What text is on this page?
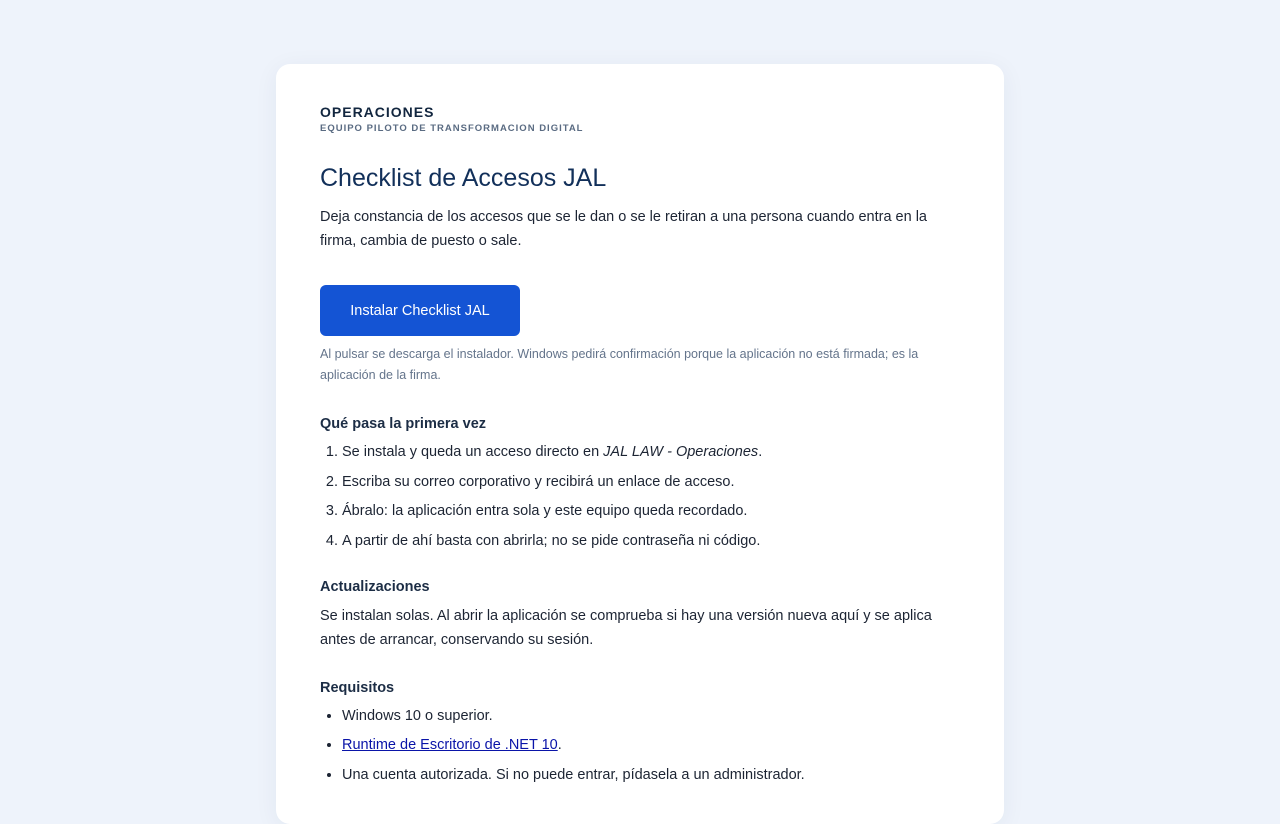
OPERACIONES

EQUIPO PILOTO DE TRANSFORMACION DIGITAL

Checklist de Accesos JAL

Deja constancia de los accesos que se le dan o se le retiran a una persona cuando entra en la firma, cambia de puesto o sale.

Instalar Checklist JAL

Al pulsar se descarga el instalador. Windows pedirá confirmación porque la aplicación no está firmada; es la aplicación de la firma.

Qué pasa la primera vez
1. Se instala y queda un acceso directo en JAL LAW - Operaciones.
2. Escriba su correo corporativo y recibirá un enlace de acceso.
3. Ábralo: la aplicación entra sola y este equipo queda recordado.
4. A partir de ahí basta con abrirla; no se pide contraseña ni código.
Actualizaciones

Se instalan solas. Al abrir la aplicación se comprueba si hay una versión nueva aquí y se aplica antes de arrancar, conservando su sesión.

Requisitos
• Windows 10 o superior.
• Runtime de Escritorio de .NET 10.
• Una cuenta autorizada. Si no puede entrar, pídasela a un administrador.
